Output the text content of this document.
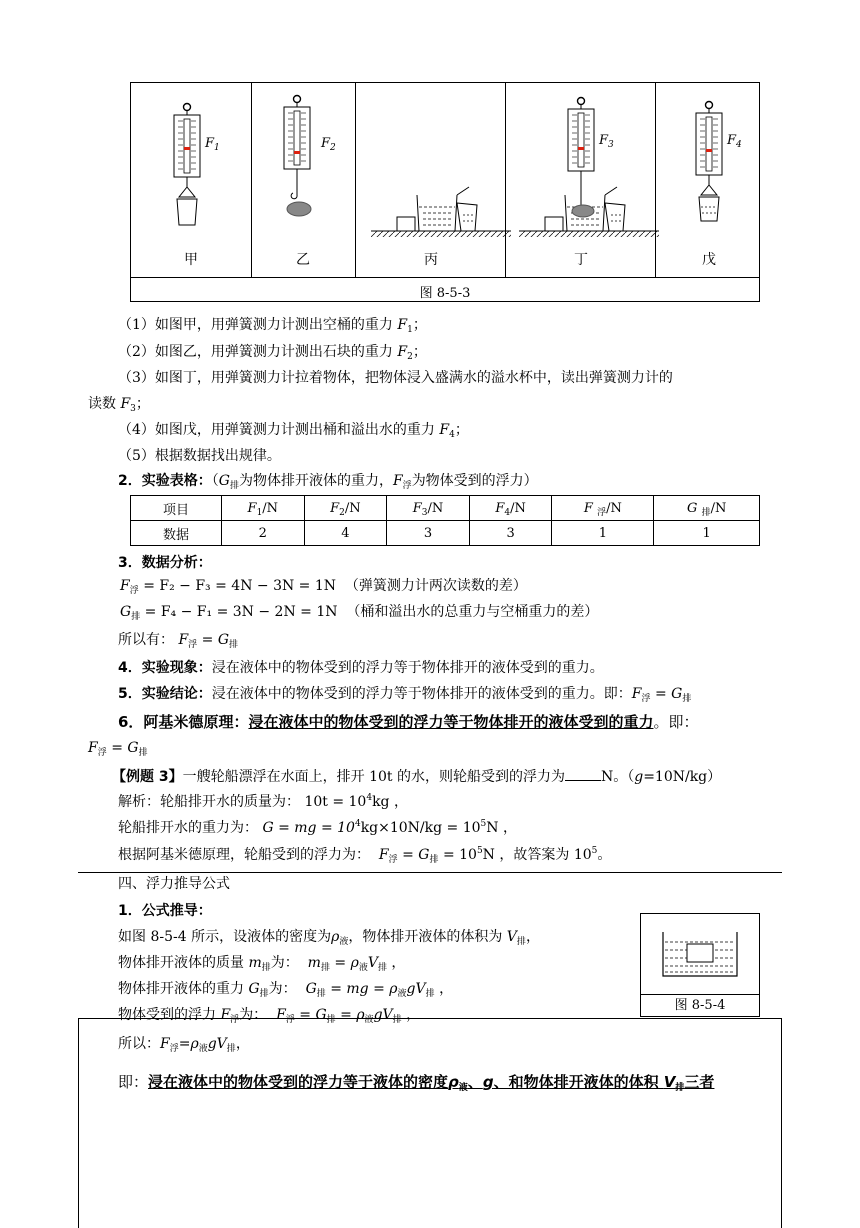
$F_1$	$F_2$	$F_3$	$F_4$
甲	乙	丙	丁	戊
图 8-5-3
（1）如图甲，用弹簧测力计测出空桶的重力 $F_1$；
（2）如图乙，用弹簧测力计测出石块的重力 $F_2$；
（3）如图丁，用弹簧测力计拉着物体，把物体浸入盛满水的溢水杯中，读出弹簧测力计的
读数 $F_3$；
（4）如图戊，用弹簧测力计测出桶和溢出水的重力 $F_4$；
（5）根据数据找出规律。
2．实验表格：（$G_排$为物体排开液体的重力，$F_浮$为物体受到的浮力）
项目	$F_1/N$	$F_2/N$	$F_3/N$	$F_4/N$	F $_浮$/N	G $_排$/N
数据	2	4	3	3	1	1
3．数据分析：
$F_浮 = F_2 - F_3 = 4N - 3N = 1N$ （弹簧测力计两次读数的差）
$G_排 = F_4 - F_1 = 3N - 2N = 1N$ （桶和溢出水的总重力与空桶重力的差）
所以有： $F_浮 = G_排$
4．实验现象：浸在液体中的物体受到的浮力等于物体排开的液体受到的重力。
5．实验结论：浸在液体中的物体受到的浮力等于物体排开的液体受到的重力。即：$F_浮 = G_排$
6．阿基米德原理：浸在液体中的物体受到的浮力等于物体排开的液体受到的重力。即：
$F_浮 = G_排$
【例题 3】一艘轮船漂浮在水面上，排开 10t 的水，则轮船受到的浮力为	N。（g=10N/kg）
解析：轮船排开水的质量为： $10t = 10^4kg$ ，
轮船排开水的重力为： G = mg = $10^4kg\times 10N/kg = 10^5N$ ，
根据阿基米德原理，轮船受到的浮力为： $F_浮 = G_排 = 10^5N$ ，故答案为 $10^5$。
四、浮力推导公式
1．公式推导：
如图 8-5-4 所示，设液体的密度为$\rho_液$，物体排开液体的体积为 $V_排$，
物体排开液体的质量 $m_排$为： $m_排 = \rho_液V_排$ ，
物体排开液体的重力 $G_排$为： $G_排$ = mg = $\rho_液gV_排$ ，
物体受到的浮力 $F_浮$为： $F_浮 = G_排 = \rho_液gV_排$ ，
图 8-5-4
所以：$F_浮=\rho_液gV_排$，
即：浸在液体中的物体受到的浮力等于液体的密度$\rho_液$、g、和物体排开液体的体积 $V_排$三者
